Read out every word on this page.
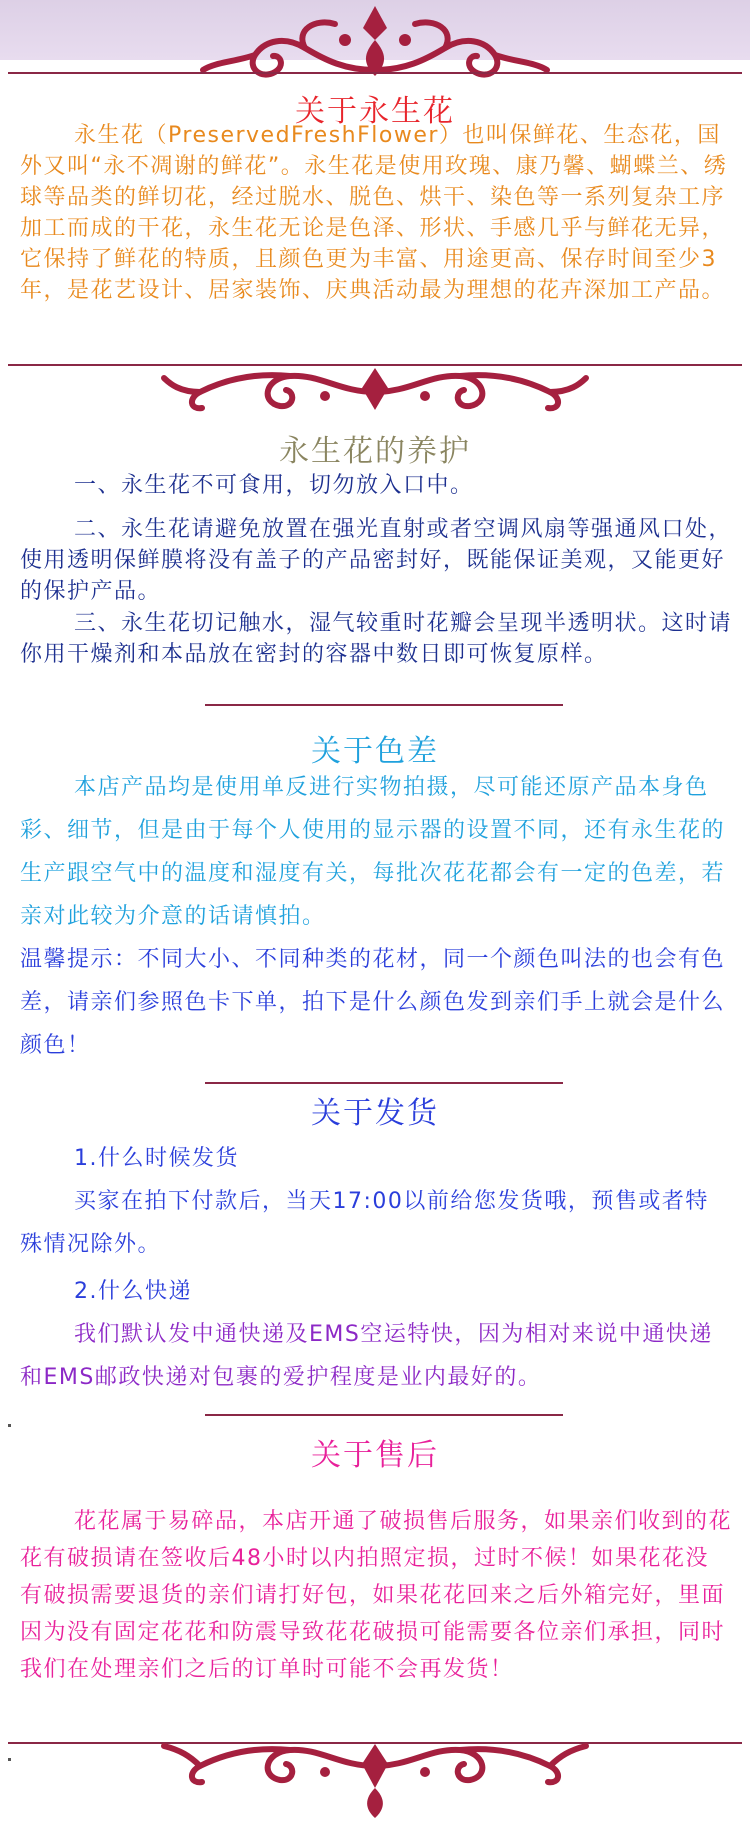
关于永生花

永生花（PreservedFreshFlower）也叫保鲜花、生态花，国外又叫“永不凋谢的鲜花”。永生花是使用玫瑰、康乃馨、蝴蝶兰、绣球等品类的鲜切花，经过脱水、脱色、烘干、染色等一系列复杂工序加工而成的干花，永生花无论是色泽、形状、手感几乎与鲜花无异，它保持了鲜花的特质，且颜色更为丰富、用途更高、保存时间至少3年，是花艺设计、居家装饰、庆典活动最为理想的花卉深加工产品。

永生花的养护

一、永生花不可食用，切勿放入口中。

二、永生花请避免放置在强光直射或者空调风扇等强通风口处，使用透明保鲜膜将没有盖子的产品密封好，既能保证美观，又能更好的保护产品。

三、永生花切记触水，湿气较重时花瓣会呈现半透明状。这时请你用干燥剂和本品放在密封的容器中数日即可恢复原样。

关于色差

本店产品均是使用单反进行实物拍摄，尽可能还原产品本身色彩、细节，但是由于每个人使用的显示器的设置不同，还有永生花的生产跟空气中的温度和湿度有关，每批次花花都会有一定的色差，若亲对此较为介意的话请慎拍。

温馨提示：不同大小、不同种类的花材，同一个颜色叫法的也会有色差，请亲们参照色卡下单，拍下是什么颜色发到亲们手上就会是什么颜色！

关于发货

1.什么时候发货

买家在拍下付款后，当天17:00以前给您发货哦，预售或者特殊情况除外。

2.什么快递

我们默认发中通快递及EMS空运特快，因为相对来说中通快递和EMS邮政快递对包裹的爱护程度是业内最好的。

关于售后

花花属于易碎品，本店开通了破损售后服务，如果亲们收到的花花有破损请在签收后48小时以内拍照定损，过时不候！如果花花没有破损需要退货的亲们请打好包，如果花花回来之后外箱完好，里面因为没有固定花花和防震导致花花破损可能需要各位亲们承担，同时我们在处理亲们之后的订单时可能不会再发货！
